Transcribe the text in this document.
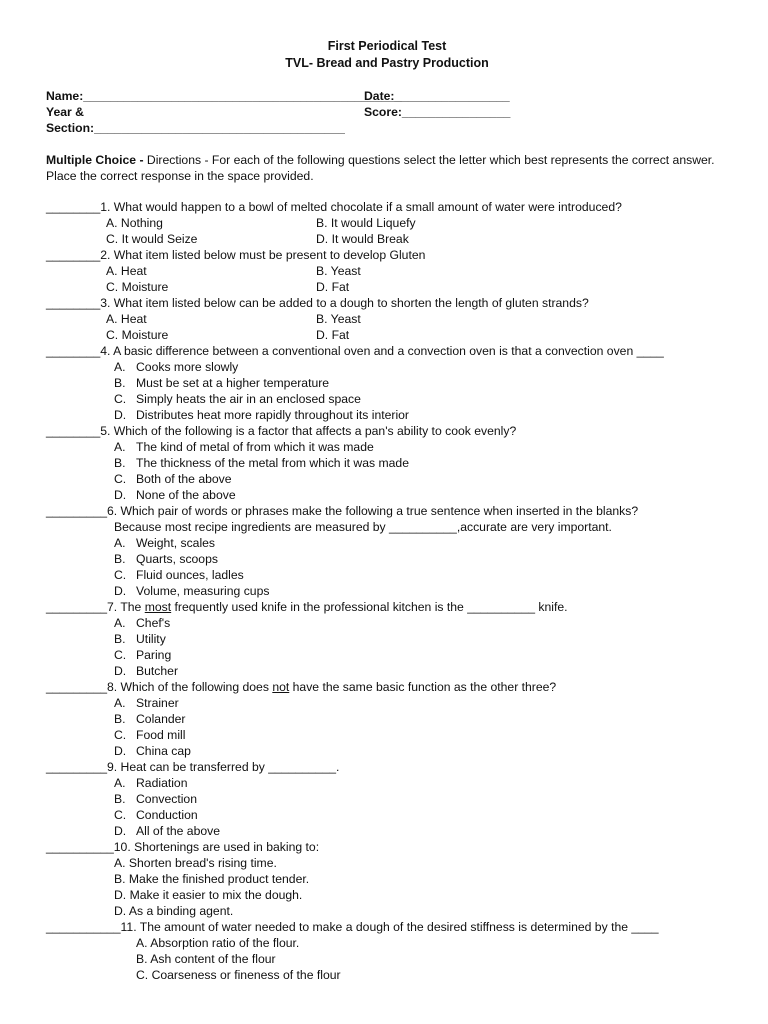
First Periodical Test
TVL- Bread and Pastry Production
Name:_______________________________________________
Date:_________________
Year & Section:_____________________________________
Score:________________
Multiple Choice - Directions - For each of the following questions select the letter which best represents the correct answer. Place the correct response in the space provided.
________1. What would happen to a bowl of melted chocolate if a small amount of water were introduced?
A. Nothing	B. It would Liquefy
C. It would Seize	D. It would Break
________2. What item listed below must be present to develop Gluten
A. Heat	B. Yeast
C. Moisture	D. Fat
________3. What item listed below can be added to a dough to shorten the length of gluten strands?
A. Heat	B. Yeast
C. Moisture	D. Fat
________4. A basic difference between a conventional oven and a convection oven is that a convection oven ____
A. Cooks more slowly
B. Must be set at a higher temperature
C. Simply heats the air in an enclosed space
D. Distributes heat more rapidly throughout its interior
________5. Which of the following is a factor that affects a pan's ability to cook evenly?
A. The kind of metal of from which it was made
B. The thickness of the metal from which it was made
C. Both of the above
D. None of the above
_________6. Which pair of words or phrases make the following a true sentence when inserted in the blanks?
Because most recipe ingredients are measured by __________,accurate are very important.
A. Weight, scales
B. Quarts, scoops
C. Fluid ounces, ladles
D. Volume, measuring cups
_________7. The most frequently used knife in the professional kitchen is the __________ knife.
A. Chef's
B. Utility
C. Paring
D. Butcher
_________8. Which of the following does not have the same basic function as the other three?
A. Strainer
B. Colander
C. Food mill
D. China cap
_________9. Heat can be transferred by __________.
A. Radiation
B. Convection
C. Conduction
D. All of the above
__________10. Shortenings are used in baking to:
A. Shorten bread's rising time.
B. Make the finished product tender.
D. Make it easier to mix the dough.
D. As a binding agent.
___________11. The amount of water needed to make a dough of the desired stiffness is determined by the ____
A. Absorption ratio of the flour.
B. Ash content of the flour
C. Coarseness or fineness of the flour
